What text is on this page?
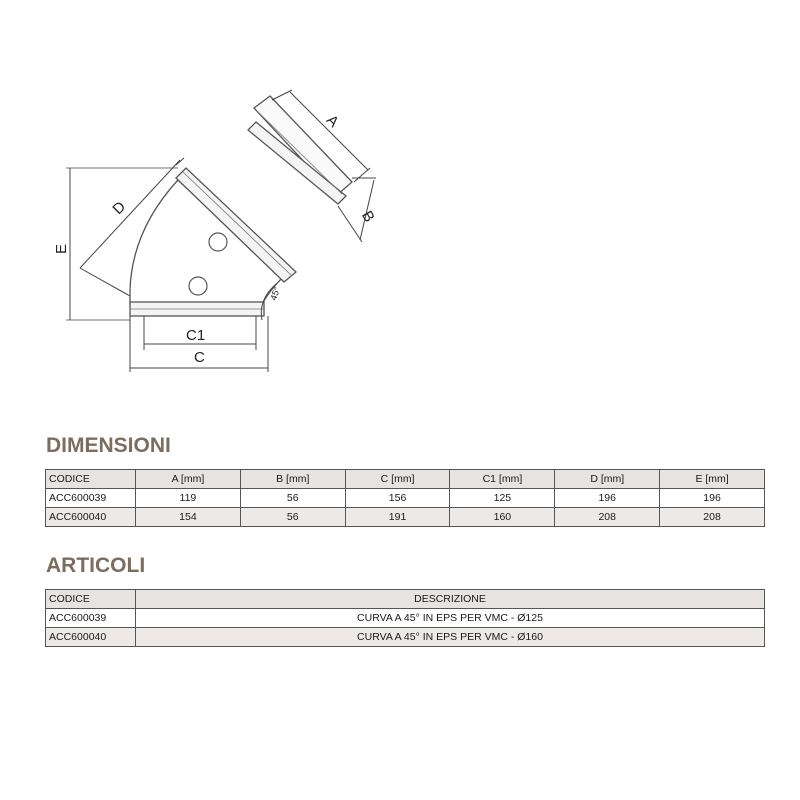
A
B
D
E
C1
C
45°
DIMENSIONI
CODICE	A [mm]	B [mm]	C [mm]	C1 [mm]	D [mm]	E [mm]
ACC600039	119	56	156	125	196	196
ACC600040	154	56	191	160	208	208
ARTICOLI
CODICE	DESCRIZIONE
ACC600039	CURVA A 45° IN EPS PER VMC - Ø125
ACC600040	CURVA A 45° IN EPS PER VMC - Ø160
